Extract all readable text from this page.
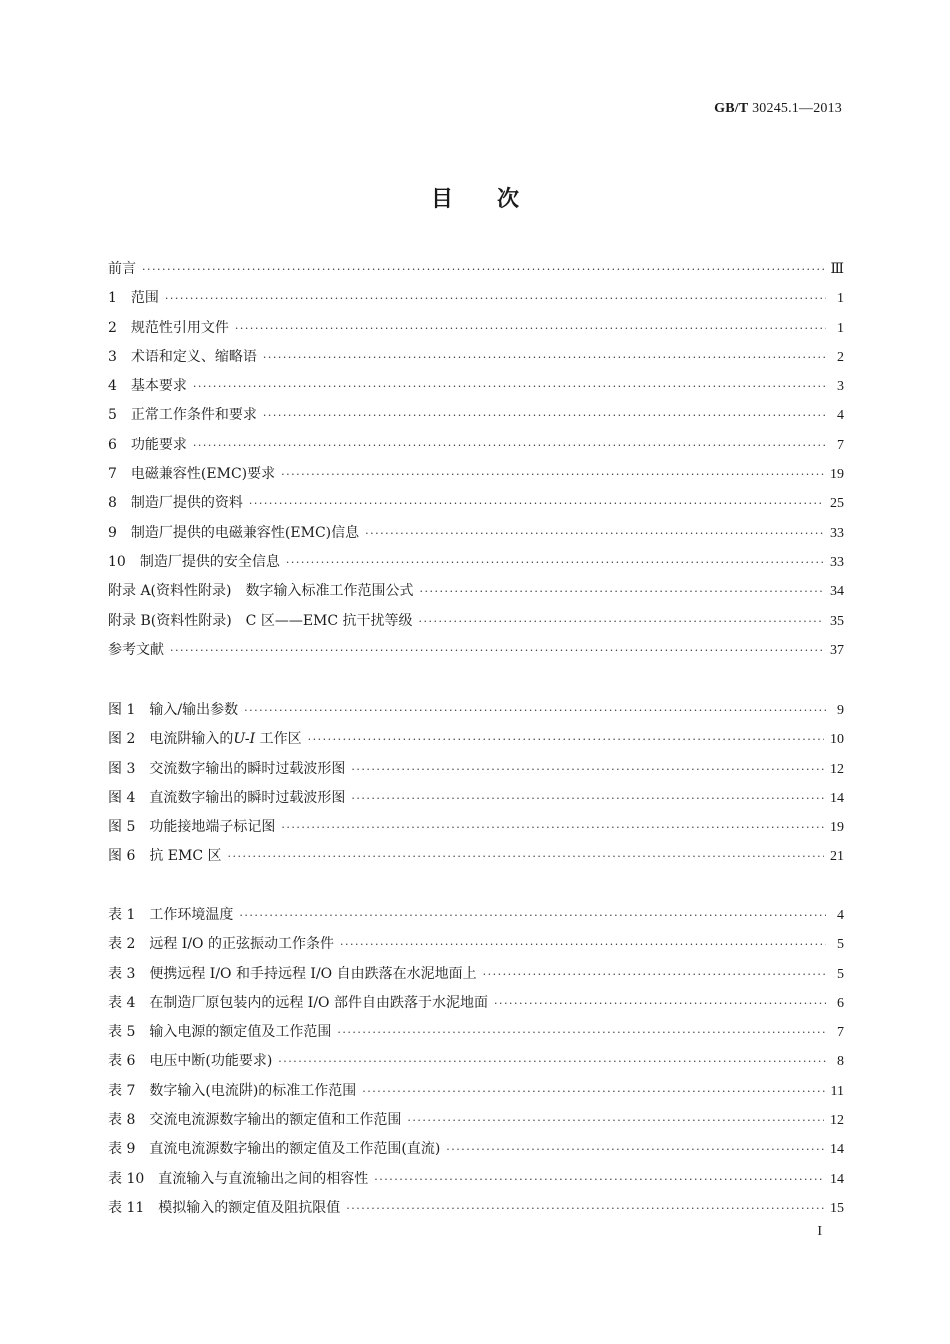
GB/T 30245.1—2013
目次
前言 ·····	Ⅲ
1 范围 ·····	1
2 规范性引用文件 ·····	1
3 术语和定义、缩略语 ·····	2
4 基本要求 ·····	3
5 正常工作条件和要求 ·····	4
6 功能要求 ·····	7
7 电磁兼容性(EMC)要求 ·····	19
8 制造厂提供的资料 ·····	25
9 制造厂提供的电磁兼容性(EMC)信息 ·····	33
10 制造厂提供的安全信息 ·····	33
附录 A(资料性附录)　数字输入标准工作范围公式 ·····	34
附录 B(资料性附录)　C 区——EMC 抗干扰等级 ·····	35
参考文献 ·····	37
图 1 输入/输出参数 ·····	9
图 2 电流阱输入的U-I 工作区 ·····	10
图 3 交流数字输出的瞬时过载波形图 ·····	12
图 4 直流数字输出的瞬时过载波形图 ·····	14
图 5 功能接地端子标记图 ·····	19
图 6 抗 EMC 区 ·····	21
表 1 工作环境温度 ·····	4
表 2 远程 I/O 的正弦振动工作条件 ·····	5
表 3 便携远程 I/O 和手持远程 I/O 自由跌落在水泥地面上 ·····	5
表 4 在制造厂原包装内的远程 I/O 部件自由跌落于水泥地面 ·····	6
表 5 输入电源的额定值及工作范围 ·····	7
表 6 电压中断(功能要求) ·····	8
表 7 数字输入(电流阱)的标准工作范围 ·····	11
表 8 交流电流源数字输出的额定值和工作范围 ·····	12
表 9 直流电流源数字输出的额定值及工作范围(直流) ·····	14
表 10 直流输入与直流输出之间的相容性 ·····	14
表 11 模拟输入的额定值及阻抗限值 ·····	15
I
